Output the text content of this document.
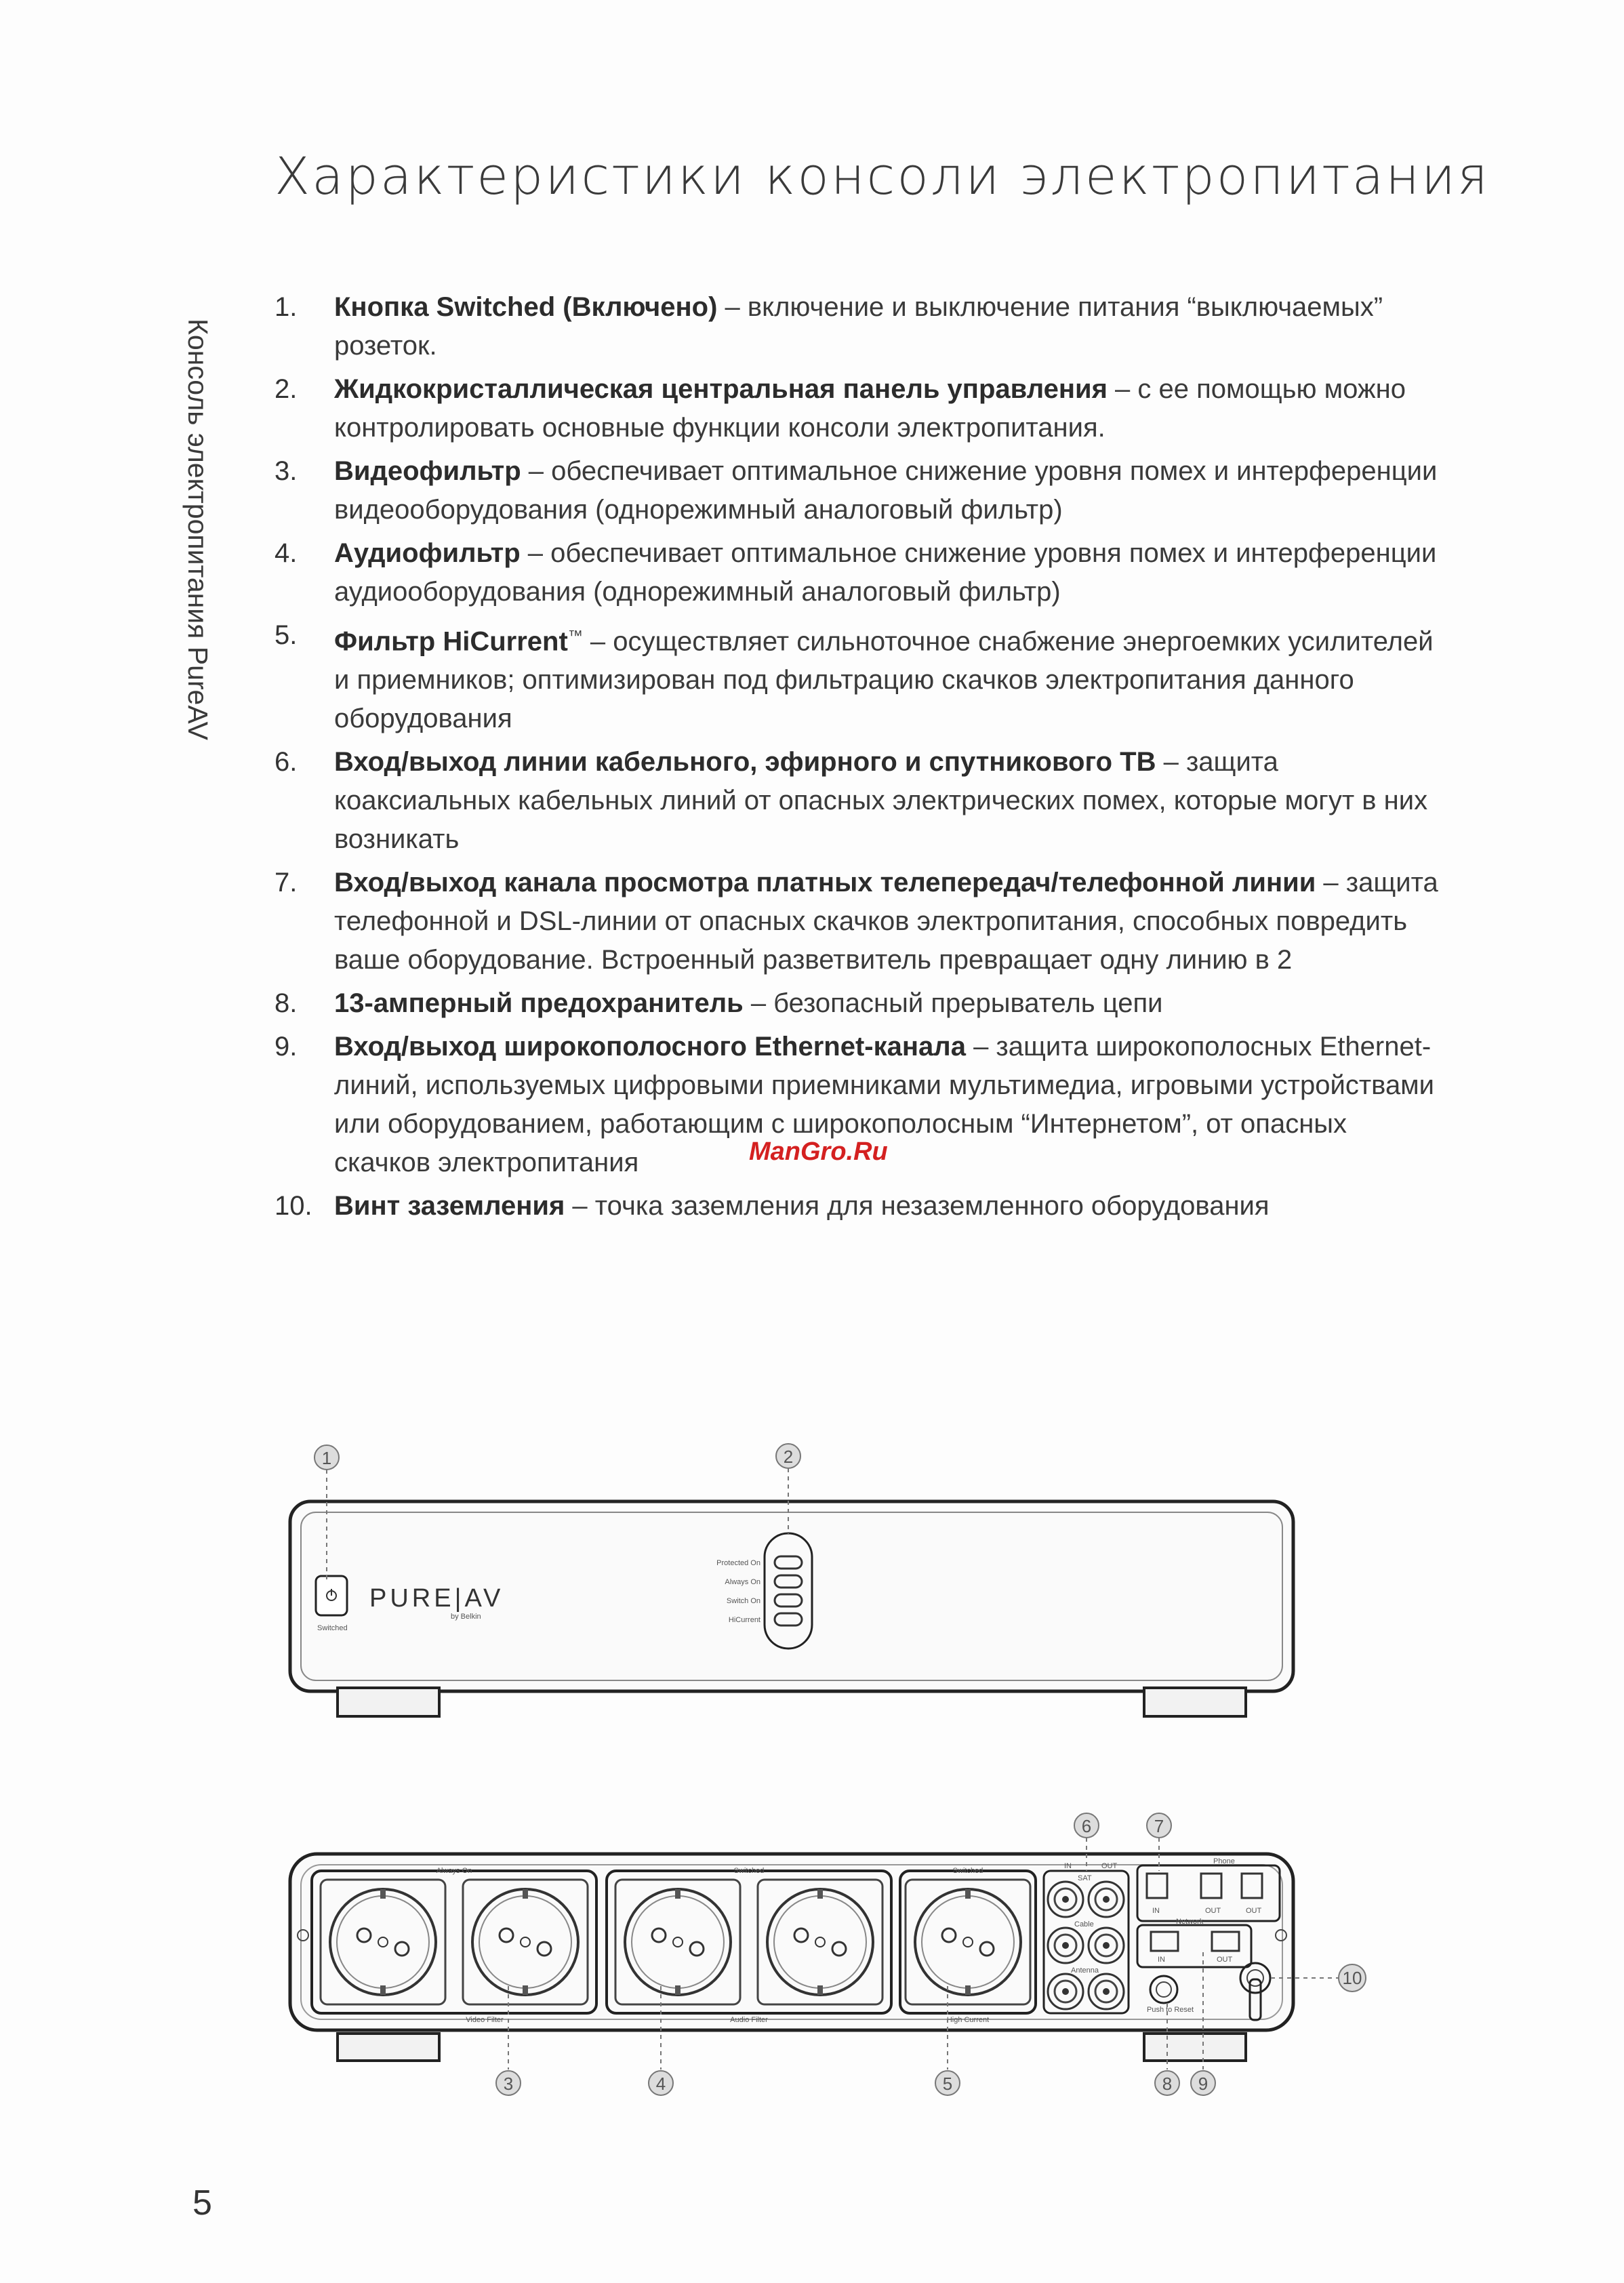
Характеристики консоли электропитания
Консоль электропитания PureAV
1. Кнопка Switched (Включено) – включение и выключение питания “выключаемых” розеток.
2. Жидкокристаллическая центральная панель управления – с ее помощью можно контролировать основные функции консоли электропитания.
3. Видеофильтр – обеспечивает оптимальное снижение уровня помех и интерференции видеооборудования (однорежимный аналоговый фильтр)
4. Аудиофильтр – обеспечивает оптимальное снижение уровня помех и интерференции аудиооборудования (однорежимный аналоговый фильтр)
5. Фильтр HiCurrent™ – осуществляет сильноточное снабжение энергоемких усилителей и приемников; оптимизирован под фильтрацию скачков электропитания данного оборудования
6. Вход/выход линии кабельного, эфирного и спутникового ТВ – защита коаксиальных кабельных линий от опасных электрических помех, которые могут в них возникать
7. Вход/выход канала просмотра платных телепередач/телефонной линии – защита телефонной и DSL-линии от опасных скачков электропитания, способных повредить ваше оборудование. Встроенный разветвитель превращает одну линию в 2
8. 13-амперный предохранитель – безопасный прерыватель цепи
9. Вход/выход широкополосного Ethernet-канала – защита широкополосных Ethernet-линий, используемых цифровыми приемниками мультимедиа, игровыми устройствами или оборудованием, работающим с широкополосным “Интернетом”, от опасных скачков электропитания
10. Винт заземления – точка заземления для незаземленного оборудования
ManGro.Ru
Switched
PURE|AV
by Belkin
Protected On
Always On
Switch On
HiCurrent
1	2
Always On	Switched	Switched
Video Filter	Audio Filter	High Current
IN	OUT
SAT
Cable
Antenna
Phone
IN	OUT	OUT
Network
IN	OUT
Push to Reset
3	4	5
6	7
8 9
10
5
